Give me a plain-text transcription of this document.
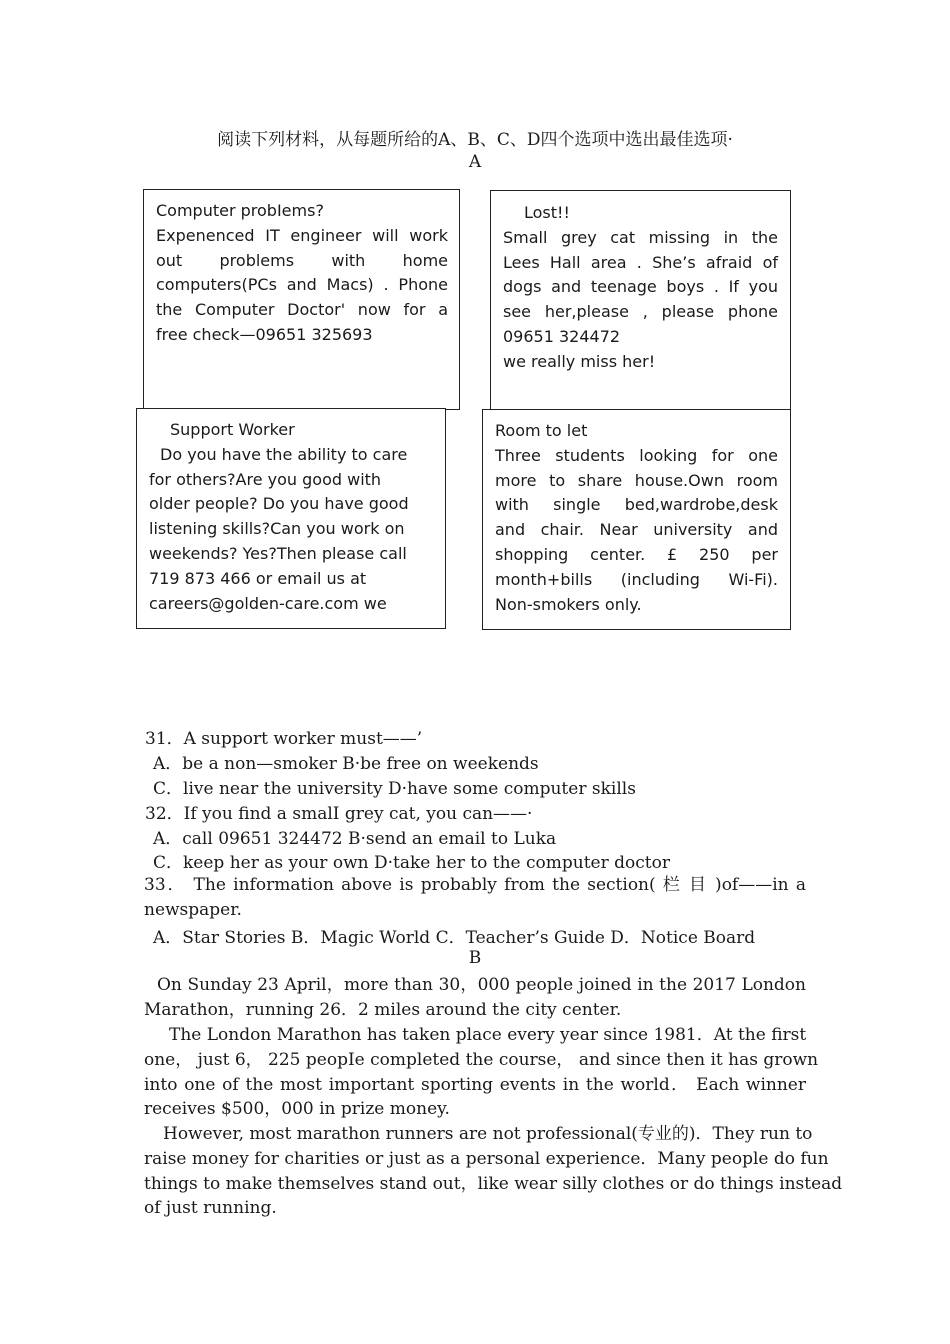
阅读下列材料，从每题所给的A、B、C、D四个选项中选出最佳选项·
A
Computer probIems?
Expenenced IT engineer will work
out problems with home
computers(PCs and Macs) . Phone
the Computer Doctor' now for a
free check—09651 325693
Lost!!
Small grey cat missing in the
Lees Hall area . She’s afraid of
dogs and teenage boys . If you
see her,please , please phone
09651 324472
we really miss her!
Support Worker
Do you have the ability to care
for others?Are you good with
older people? Do you have good
listening skills?Can you work on
weekends? Yes?Then please call
719 873 466 or email us at
careers@golden-care.com we
Room to let
Three students looking for one
more to share house.Own room
with single bed,wardrobe,desk
and chair. Near university and
shopping center. £ 250 per
month+bills (including Wi-Fi).
Non-smokers only.
31．A support worker must——’
A．be a non—smoker B·be free on weekends
C．live near the university D·have some computer skills
32．If you find a smalI grey cat, you can——·
A．call 09651 324472 B·send an email to Luka
C．keep her as your own D·take her to the computer doctor
33． The information above is probably from the section( 栏 目 )of——in a
newspaper.
A．Star Stories B．Magic World C．Teacher’s Guide D．Notice Board
B
On Sunday 23 April，more than 30，000 people joined in the 2017 London
Marathon，running 26．2 miles around the city center.
The London Marathon has taken place every year since 1981．At the first
one， just 6， 225 peopIe completed the course， and since then it has grown
into one of the most important sporting events in the world． Each winner
receives $500，000 in prize money.
However, most marathon runners are not professional(专业的)．They run to
raise money for charities or just as a personal experience．Many people do fun
things to make themselves stand out，like wear silly clothes or do things instead
of just running.
